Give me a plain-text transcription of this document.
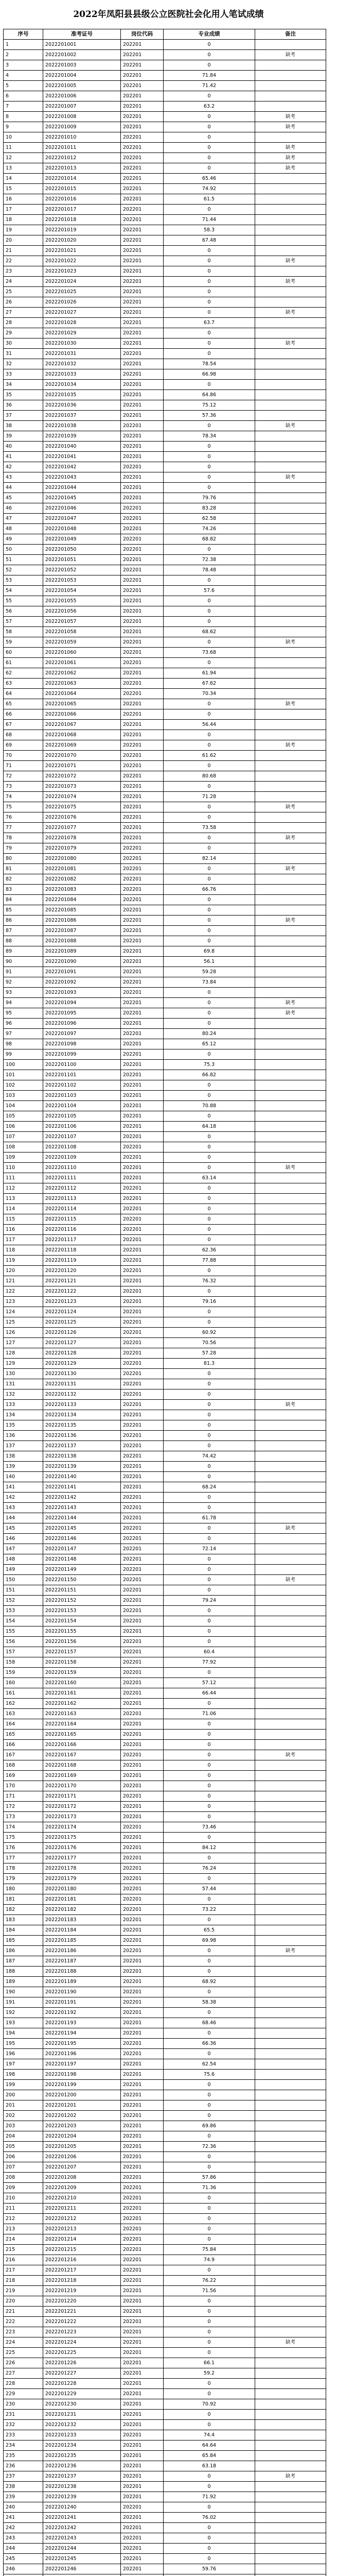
2022年凤阳县县级公立医院社会化用人笔试成绩
序号	准考证号	岗位代码	专业成绩	备注
1	2022201001	202201	0	
2	2022201002	202201	0	缺考
3	2022201003	202201	0	
4	2022201004	202201	71.84	
5	2022201005	202201	71.42	
6	2022201006	202201	0	
7	2022201007	202201	63.2	
8	2022201008	202201	0	缺考
9	2022201009	202201	0	缺考
10	2022201010	202201	0	
11	2022201011	202201	0	缺考
12	2022201012	202201	0	缺考
13	2022201013	202201	0	缺考
14	2022201014	202201	65.46	
15	2022201015	202201	74.92	
16	2022201016	202201	61.5	
17	2022201017	202201	0	
18	2022201018	202201	71.44	
19	2022201019	202201	58.3	
20	2022201020	202201	67.48	
21	2022201021	202201	0	
22	2022201022	202201	0	缺考
23	2022201023	202201	0	
24	2022201024	202201	0	缺考
25	2022201025	202201	0	
26	2022201026	202201	0	
27	2022201027	202201	0	缺考
28	2022201028	202201	63.7	
29	2022201029	202201	0	
30	2022201030	202201	0	缺考
31	2022201031	202201	0	
32	2022201032	202201	78.54	
33	2022201033	202201	66.98	
34	2022201034	202201	0	
35	2022201035	202201	64.86	
36	2022201036	202201	75.12	
37	2022201037	202201	57.36	
38	2022201038	202201	0	缺考
39	2022201039	202201	78.34	
40	2022201040	202201	0	
41	2022201041	202201	0	
42	2022201042	202201	0	
43	2022201043	202201	0	缺考
44	2022201044	202201	0	
45	2022201045	202201	79.76	
46	2022201046	202201	83.28	
47	2022201047	202201	62.58	
48	2022201048	202201	74.26	
49	2022201049	202201	68.82	
50	2022201050	202201	0	
51	2022201051	202201	72.38	
52	2022201052	202201	78.48	
53	2022201053	202201	0	
54	2022201054	202201	57.6	
55	2022201055	202201	0	
56	2022201056	202201	0	
57	2022201057	202201	0	
58	2022201058	202201	68.62	
59	2022201059	202201	0	缺考
60	2022201060	202201	73.68	
61	2022201061	202201	0	
62	2022201062	202201	61.94	
63	2022201063	202201	67.62	
64	2022201064	202201	70.34	
65	2022201065	202201	0	缺考
66	2022201066	202201	0	
67	2022201067	202201	56.44	
68	2022201068	202201	0	
69	2022201069	202201	0	缺考
70	2022201070	202201	61.62	
71	2022201071	202201	0	
72	2022201072	202201	80.68	
73	2022201073	202201	0	
74	2022201074	202201	71.28	
75	2022201075	202201	0	缺考
76	2022201076	202201	0	
77	2022201077	202201	73.58	
78	2022201078	202201	0	缺考
79	2022201079	202201	0	
80	2022201080	202201	82.14	
81	2022201081	202201	0	缺考
82	2022201082	202201	0	
83	2022201083	202201	66.76	
84	2022201084	202201	0	
85	2022201085	202201	0	
86	2022201086	202201	0	缺考
87	2022201087	202201	0	
88	2022201088	202201	0	
89	2022201089	202201	69.8	
90	2022201090	202201	56.1	
91	2022201091	202201	59.28	
92	2022201092	202201	73.84	
93	2022201093	202201	0	
94	2022201094	202201	0	缺考
95	2022201095	202201	0	缺考
96	2022201096	202201	0	
97	2022201097	202201	80.24	
98	2022201098	202201	65.12	
99	2022201099	202201	0	
100	2022201100	202201	75.3	
101	2022201101	202201	66.82	
102	2022201102	202201	0	
103	2022201103	202201	0	
104	2022201104	202201	70.88	
105	2022201105	202201	0	
106	2022201106	202201	64.18	
107	2022201107	202201	0	
108	2022201108	202201	0	
109	2022201109	202201	0	
110	2022201110	202201	0	缺考
111	2022201111	202201	63.14	
112	2022201112	202201	0	
113	2022201113	202201	0	
114	2022201114	202201	0	
115	2022201115	202201	0	
116	2022201116	202201	0	
117	2022201117	202201	0	
118	2022201118	202201	62.36	
119	2022201119	202201	77.88	
120	2022201120	202201	0	
121	2022201121	202201	76.32	
122	2022201122	202201	0	
123	2022201123	202201	79.16	
124	2022201124	202201	0	
125	2022201125	202201	0	
126	2022201126	202201	60.92	
127	2022201127	202201	70.56	
128	2022201128	202201	57.28	
129	2022201129	202201	81.3	
130	2022201130	202201	0	
131	2022201131	202201	0	
132	2022201132	202201	0	
133	2022201133	202201	0	缺考
134	2022201134	202201	0	
135	2022201135	202201	0	
136	2022201136	202201	0	
137	2022201137	202201	0	
138	2022201138	202201	74.42	
139	2022201139	202201	0	
140	2022201140	202201	0	
141	2022201141	202201	68.24	
142	2022201142	202201	0	
143	2022201143	202201	0	
144	2022201144	202201	61.78	
145	2022201145	202201	0	缺考
146	2022201146	202201	0	
147	2022201147	202201	72.14	
148	2022201148	202201	0	
149	2022201149	202201	0	
150	2022201150	202201	0	缺考
151	2022201151	202201	0	
152	2022201152	202201	79.24	
153	2022201153	202201	0	
154	2022201154	202201	0	
155	2022201155	202201	0	
156	2022201156	202201	0	
157	2022201157	202201	60.4	
158	2022201158	202201	77.92	
159	2022201159	202201	0	
160	2022201160	202201	57.12	
161	2022201161	202201	66.44	
162	2022201162	202201	0	
163	2022201163	202201	71.06	
164	2022201164	202201	0	
165	2022201165	202201	0	
166	2022201166	202201	0	
167	2022201167	202201	0	缺考
168	2022201168	202201	0	
169	2022201169	202201	0	
170	2022201170	202201	0	
171	2022201171	202201	0	
172	2022201172	202201	0	
173	2022201173	202201	0	
174	2022201174	202201	73.46	
175	2022201175	202201	0	
176	2022201176	202201	84.12	
177	2022201177	202201	0	
178	2022201178	202201	76.24	
179	2022201179	202201	0	
180	2022201180	202201	57.44	
181	2022201181	202201	0	
182	2022201182	202201	73.22	
183	2022201183	202201	0	
184	2022201184	202201	65.5	
185	2022201185	202201	69.98	
186	2022201186	202201	0	缺考
187	2022201187	202201	0	
188	2022201188	202201	0	
189	2022201189	202201	68.92	
190	2022201190	202201	0	
191	2022201191	202201	58.38	
192	2022201192	202201	0	
193	2022201193	202201	68.46	
194	2022201194	202201	0	
195	2022201195	202201	66.36	
196	2022201196	202201	0	
197	2022201197	202201	62.54	
198	2022201198	202201	75.6	
199	2022201199	202201	0	
200	2022201200	202201	0	
201	2022201201	202201	0	
202	2022201202	202201	0	
203	2022201203	202201	69.86	
204	2022201204	202201	0	
205	2022201205	202201	72.36	
206	2022201206	202201	0	
207	2022201207	202201	0	
208	2022201208	202201	57.86	
209	2022201209	202201	71.36	
210	2022201210	202201	0	
211	2022201211	202201	0	
212	2022201212	202201	0	
213	2022201213	202201	0	
214	2022201214	202201	0	
215	2022201215	202201	75.84	
216	2022201216	202201	74.9	
217	2022201217	202201	0	
218	2022201218	202201	76.22	
219	2022201219	202201	71.56	
220	2022201220	202201	0	
221	2022201221	202201	0	
222	2022201222	202201	0	
223	2022201223	202201	0	
224	2022201224	202201	0	缺考
225	2022201225	202201	0	
226	2022201226	202201	66.1	
227	2022201227	202201	59.2	
228	2022201228	202201	0	
229	2022201229	202201	0	
230	2022201230	202201	70.92	
231	2022201231	202201	0	
232	2022201232	202201	0	
233	2022201233	202201	74.4	
234	2022201234	202201	64.64	
235	2022201235	202201	65.84	
236	2022201236	202201	63.18	
237	2022201237	202201	0	缺考
238	2022201238	202201	0	
239	2022201239	202201	71.92	
240	2022201240	202201	0	
241	2022201241	202201	76.02	
242	2022201242	202201	0	
243	2022201243	202201	0	
244	2022201244	202201	0	
245	2022201245	202201	0	
246	2022201246	202201	59.76	
